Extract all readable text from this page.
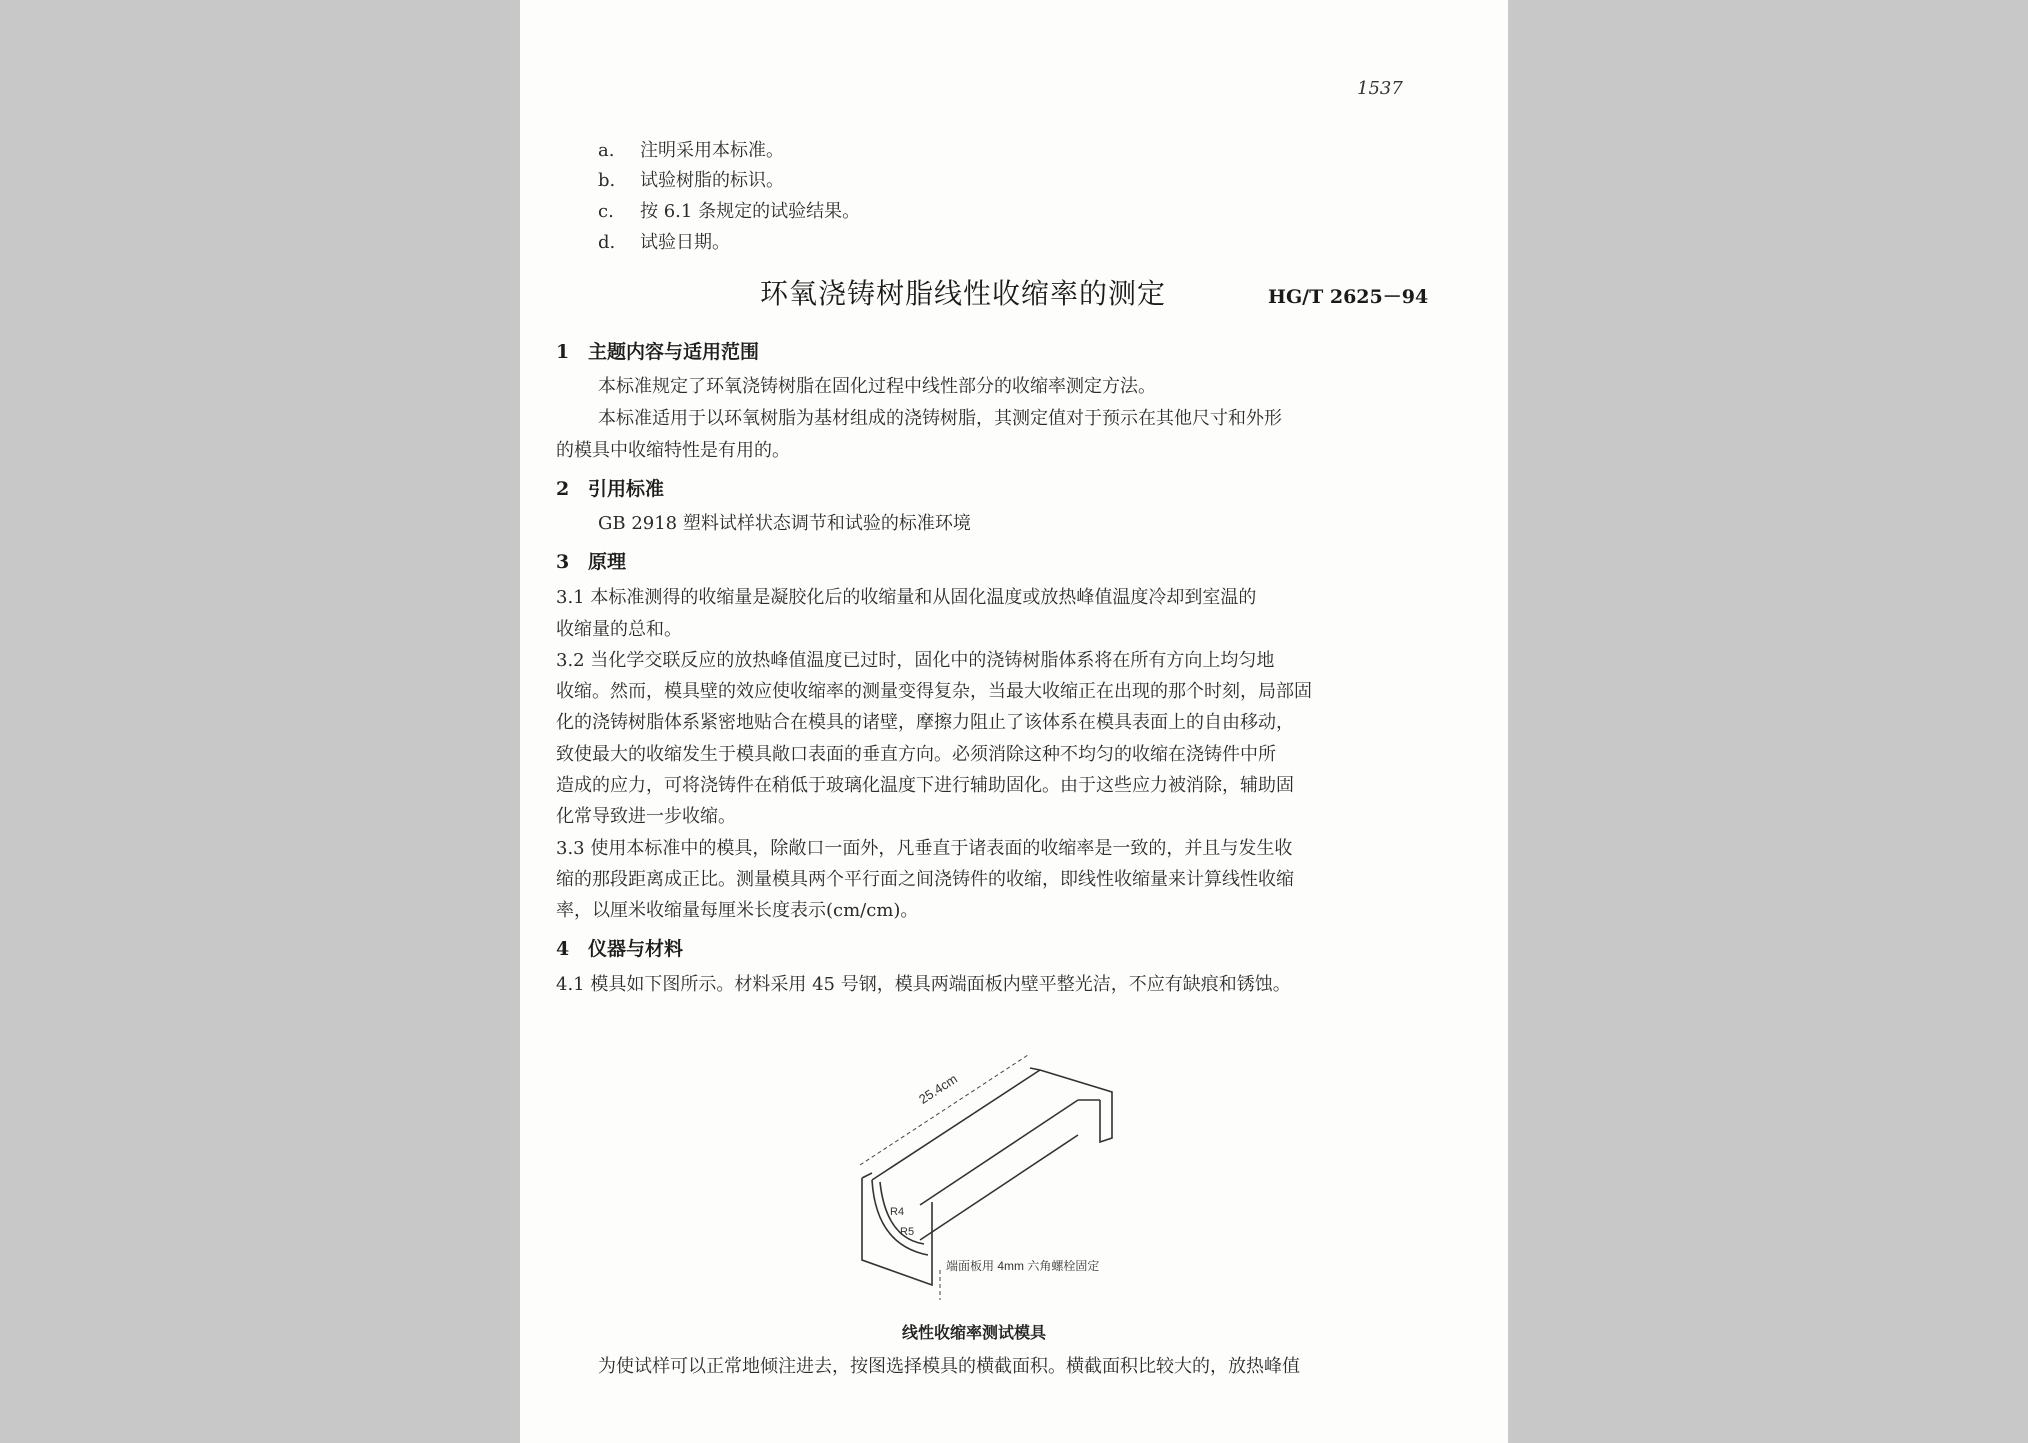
1537
a. 注明采用本标准。
b. 试验树脂的标识。
c. 按 6.1 条规定的试验结果。
d. 试验日期。
环氧浇铸树脂线性收缩率的测定	HG/T 2625－94
1 主题内容与适用范围
本标准规定了环氧浇铸树脂在固化过程中线性部分的收缩率测定方法。
本标准适用于以环氧树脂为基材组成的浇铸树脂，其测定值对于预示在其他尺寸和外形
的模具中收缩特性是有用的。
2 引用标准
GB 2918 塑料试样状态调节和试验的标准环境
3 原理
3.1 本标准测得的收缩量是凝胶化后的收缩量和从固化温度或放热峰值温度冷却到室温的
收缩量的总和。
3.2 当化学交联反应的放热峰值温度已过时，固化中的浇铸树脂体系将在所有方向上均匀地
收缩。然而，模具壁的效应使收缩率的测量变得复杂，当最大收缩正在出现的那个时刻，局部固
化的浇铸树脂体系紧密地贴合在模具的诸壁，摩擦力阻止了该体系在模具表面上的自由移动，
致使最大的收缩发生于模具敞口表面的垂直方向。必须消除这种不均匀的收缩在浇铸件中所
造成的应力，可将浇铸件在稍低于玻璃化温度下进行辅助固化。由于这些应力被消除，辅助固
化常导致进一步收缩。
3.3 使用本标准中的模具，除敞口一面外，凡垂直于诸表面的收缩率是一致的，并且与发生收
缩的那段距离成正比。测量模具两个平行面之间浇铸件的收缩，即线性收缩量来计算线性收缩
率，以厘米收缩量每厘米长度表示(cm/cm)。
4 仪器与材料
4.1 模具如下图所示。材料采用 45 号钢，模具两端面板内壁平整光洁，不应有缺痕和锈蚀。
25.4cm
R4
R5
端面板用 4mm 六角螺栓固定
线性收缩率测试模具
为使试样可以正常地倾注进去，按图选择模具的横截面积。横截面积比较大的，放热峰值
